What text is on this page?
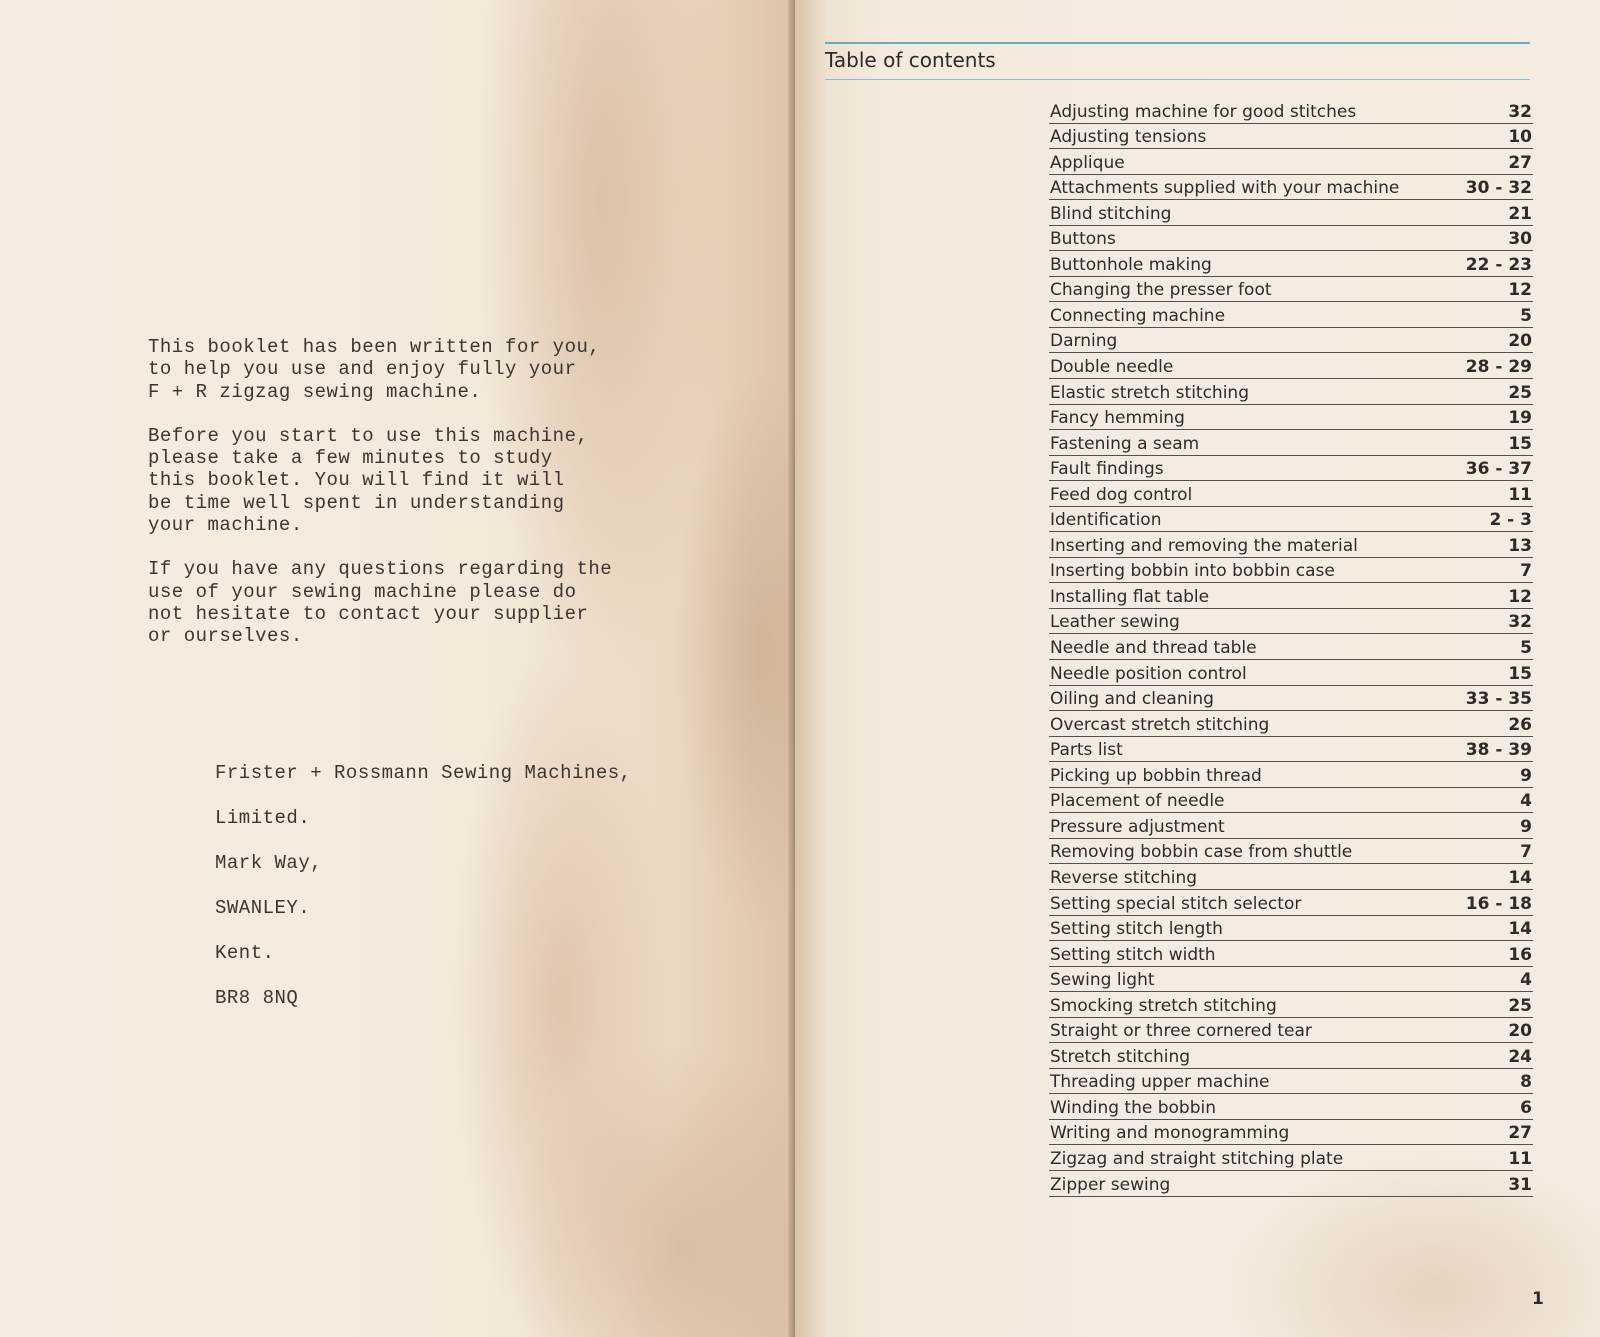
This booklet has been written for you,
to help you use and enjoy fully your
F + R zigzag sewing machine.

Before you start to use this machine,
please take a few minutes to study
this booklet. You will find it will
be time well spent in understanding
your machine.

If you have any questions regarding the
use of your sewing machine please do
not hesitate to contact your supplier
or ourselves.

Frister + Rossmann Sewing Machines,
Limited.
Mark Way,
SWANLEY.
Kent.
BR8 8NQ
Table of contents
Adjusting machine for good stitches	32
Adjusting tensions	10
Applique	27
Attachments supplied with your machine	30 - 32
Blind stitching	21
Buttons	30
Buttonhole making	22 - 23
Changing the presser foot	12
Connecting machine	5
Darning	20
Double needle	28 - 29
Elastic stretch stitching	25
Fancy hemming	19
Fastening a seam	15
Fault findings	36 - 37
Feed dog control	11
Identification	2 - 3
Inserting and removing the material	13
Inserting bobbin into bobbin case	7
Installing flat table	12
Leather sewing	32
Needle and thread table	5
Needle position control	15
Oiling and cleaning	33 - 35
Overcast stretch stitching	26
Parts list	38 - 39
Picking up bobbin thread	9
Placement of needle	4
Pressure adjustment	9
Removing bobbin case from shuttle	7
Reverse stitching	14
Setting special stitch selector	16 - 18
Setting stitch length	14
Setting stitch width	16
Sewing light	4
Smocking stretch stitching	25
Straight or three cornered tear	20
Stretch stitching	24
Threading upper machine	8
Winding the bobbin	6
Writing and monogramming	27
Zigzag and straight stitching plate	11
Zipper sewing	31
1
